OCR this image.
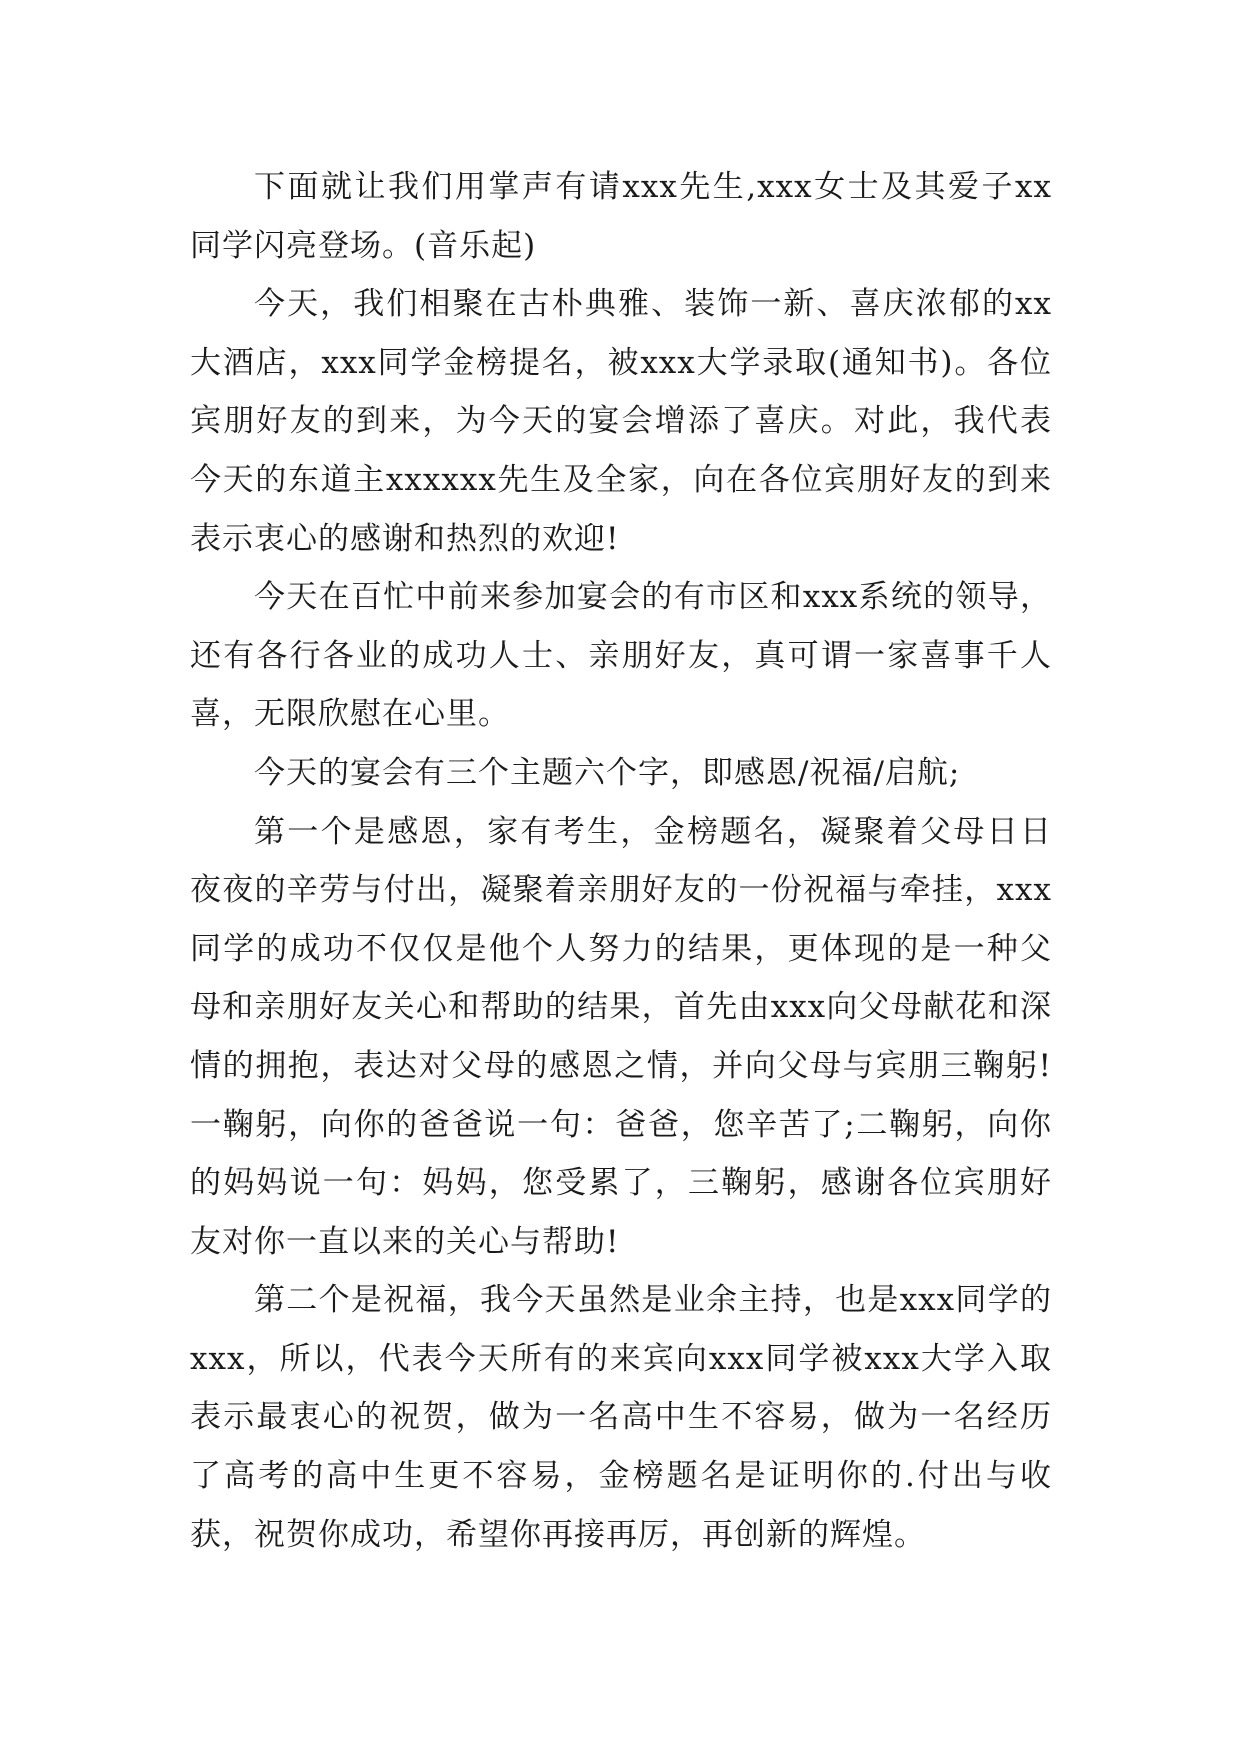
下面就让我们用掌声有请xxx先生,xxx女士及其爱子xx同学闪亮登场。(音乐起)

今天，我们相聚在古朴典雅、装饰一新、喜庆浓郁的xx大酒店，xxx同学金榜提名，被xxx大学录取(通知书)。各位宾朋好友的到来，为今天的宴会增添了喜庆。对此，我代表今天的东道主xxxxxx先生及全家，向在各位宾朋好友的到来表示衷心的感谢和热烈的欢迎!

今天在百忙中前来参加宴会的有市区和xxx系统的领导，还有各行各业的成功人士、亲朋好友，真可谓一家喜事千人喜，无限欣慰在心里。

今天的宴会有三个主题六个字，即感恩/祝福/启航;

第一个是感恩，家有考生，金榜题名，凝聚着父母日日夜夜的辛劳与付出，凝聚着亲朋好友的一份祝福与牵挂，xxx同学的成功不仅仅是他个人努力的结果，更体现的是一种父母和亲朋好友关心和帮助的结果，首先由xxx向父母献花和深情的拥抱，表达对父母的感恩之情，并向父母与宾朋三鞠躬!一鞠躬，向你的爸爸说一句：爸爸，您辛苦了;二鞠躬，向你的妈妈说一句：妈妈，您受累了，三鞠躬，感谢各位宾朋好友对你一直以来的关心与帮助!

第二个是祝福，我今天虽然是业余主持，也是xxx同学的xxx，所以，代表今天所有的来宾向xxx同学被xxx大学入取表示最衷心的祝贺，做为一名高中生不容易，做为一名经历了高考的高中生更不容易，金榜题名是证明你的.付出与收获，祝贺你成功，希望你再接再厉，再创新的辉煌。
